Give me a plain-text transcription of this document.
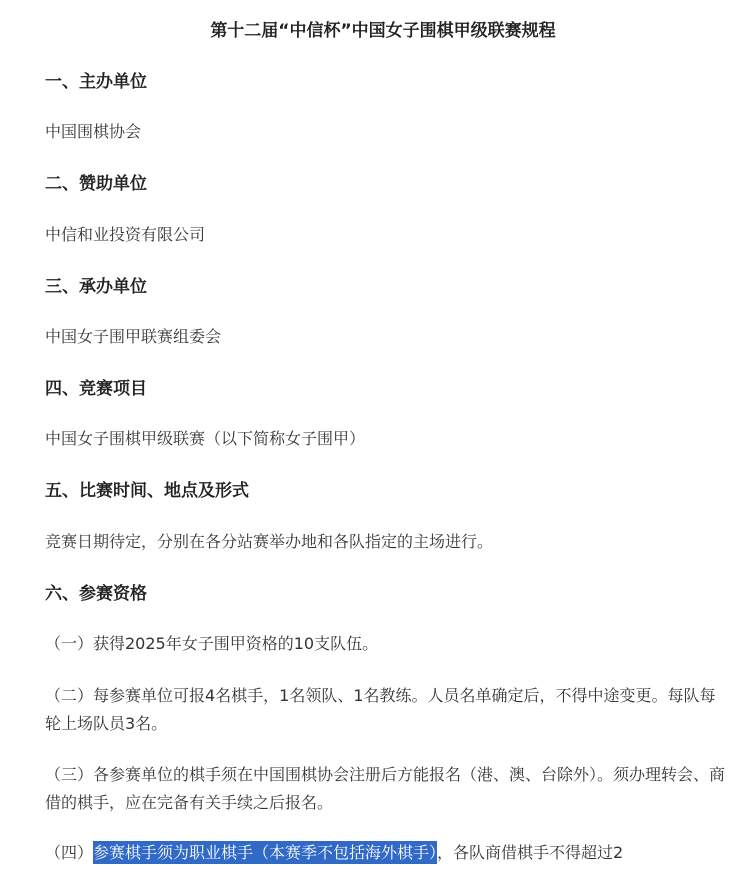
第十二届“中信杯”中国女子围棋甲级联赛规程
一、主办单位
中国围棋协会
二、赞助单位
中信和业投资有限公司
三、承办单位
中国女子围甲联赛组委会
四、竞赛项目
中国女子围棋甲级联赛（以下简称女子围甲）
五、比赛时间、地点及形式
竞赛日期待定，分别在各分站赛举办地和各队指定的主场进行。
六、参赛资格
（一）获得2025年女子围甲资格的10支队伍。
（二）每参赛单位可报4名棋手，1名领队、1名教练。人员名单确定后，不得中途变更。每队每轮上场队员3名。
（三）各参赛单位的棋手须在中国围棋协会注册后方能报名（港、澳、台除外）。须办理转会、商借的棋手，应在完备有关手续之后报名。
（四）参赛棋手须为职业棋手（本赛季不包括海外棋手），各队商借棋手不得超过2
